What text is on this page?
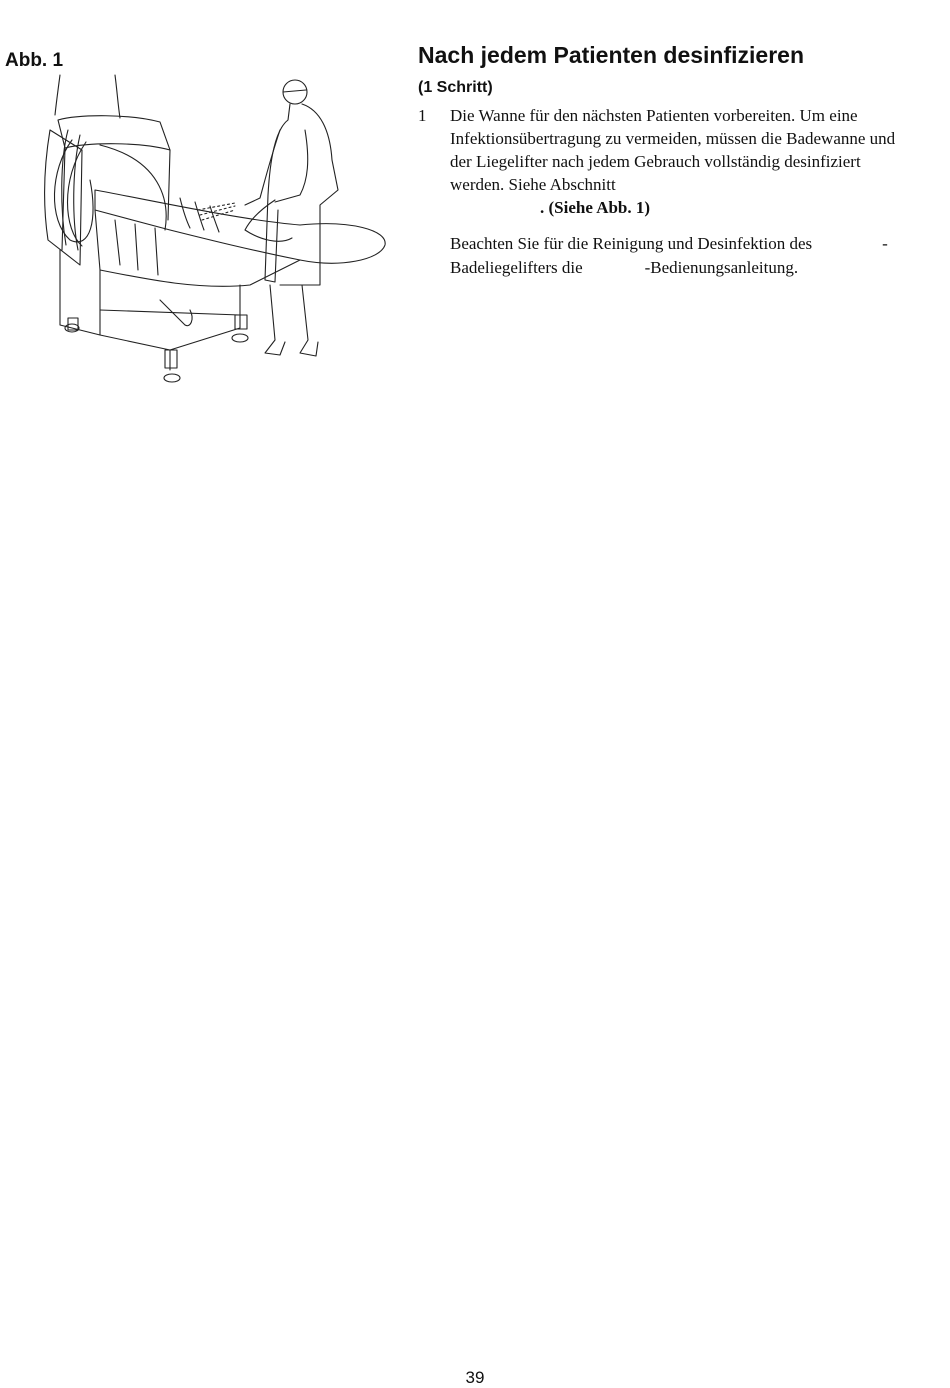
Abb. 1	Nach jedem Patienten desinfizieren
(1 Schritt)
1 Die Wanne für den nächsten Patienten vorbereiten. Um eine
Infektionsübertragung zu vermeiden, müssen die Badewanne und
der Liegelifter nach jedem Gebrauch vollständig desinfiziert
werden. Siehe Abschnitt
. (Siehe Abb. 1)
Beachten Sie für die Reinigung und Desinfektion des	-
Badeliegelifters die	-Bedienungsanleitung.
39
